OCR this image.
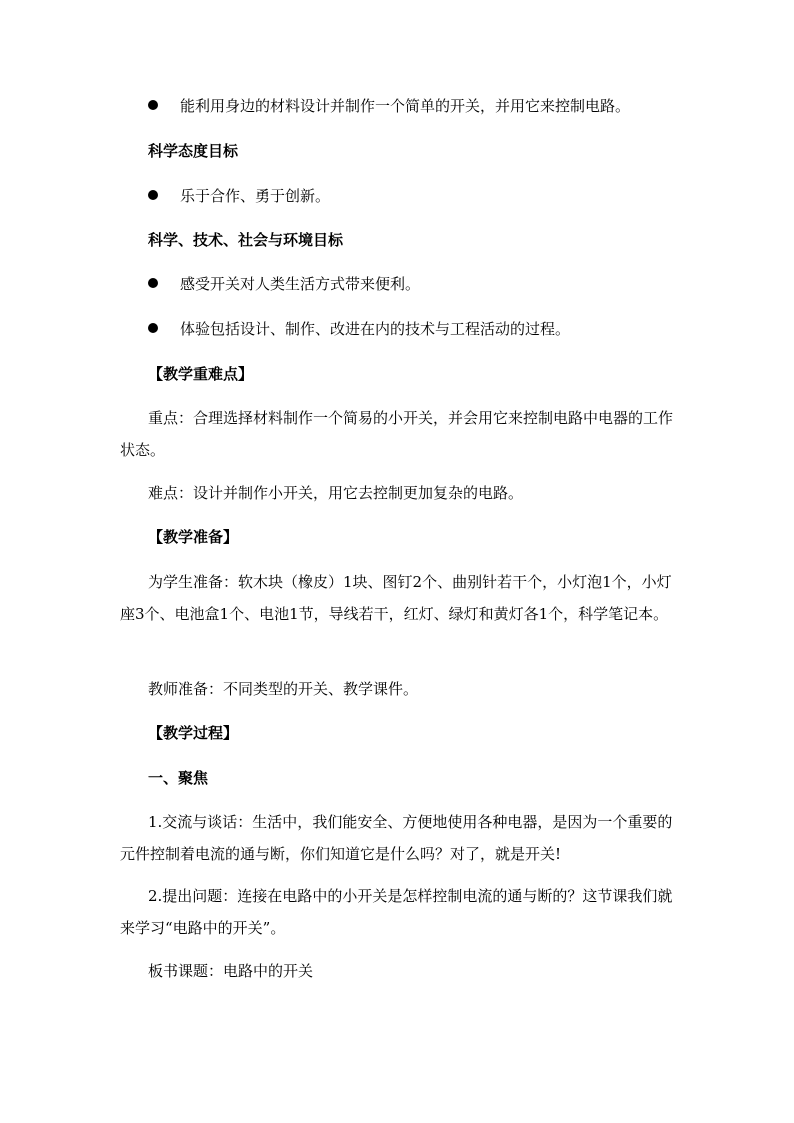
能利用身边的材料设计并制作一个简单的开关，并用它来控制电路。
科学态度目标
乐于合作、勇于创新。
科学、技术、社会与环境目标
感受开关对人类生活方式带来便利。
体验包括设计、制作、改进在内的技术与工程活动的过程。
【教学重难点】
重点：合理选择材料制作一个简易的小开关，并会用它来控制电路中电器的工作状态。
难点：设计并制作小开关，用它去控制更加复杂的电路。
【教学准备】
为学生准备：软木块（橡皮）1块、图钉2个、曲别针若干个，小灯泡1个，小灯座3个、电池盒1个、电池1节，导线若干，红灯、绿灯和黄灯各1个，科学笔记本。
教师准备：不同类型的开关、教学课件。
【教学过程】
一、聚焦
1.交流与谈话：生活中，我们能安全、方便地使用各种电器，是因为一个重要的元件控制着电流的通与断，你们知道它是什么吗？对了，就是开关!
2.提出问题：连接在电路中的小开关是怎样控制电流的通与断的？这节课我们就来学习“电路中的开关”。
板书课题：电路中的开关
